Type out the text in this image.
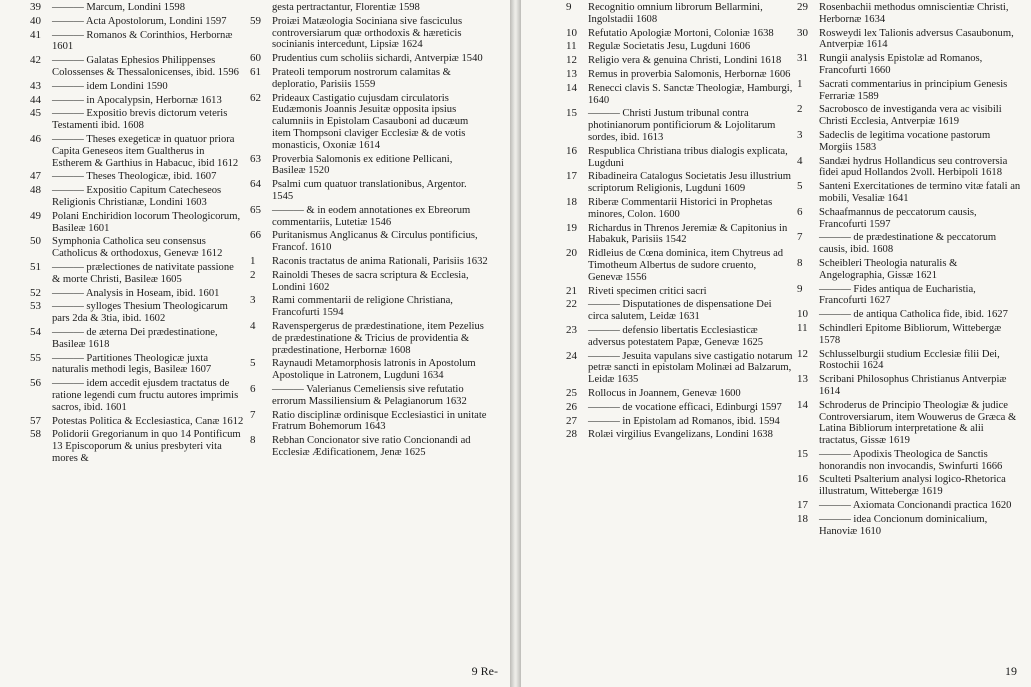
39	——— Marcum, Londini 1598
40	——— Acta Apostolorum, Londini 1597
41	——— Romanos & Corinthios, Herbornæ 1601
42	——— Galatas Ephesios Philippenses Colossenses & Thessalonicenses, ibid. 1596
43	——— idem Londini 1590
44	——— in Apocalypsin, Herbornæ 1613
45	——— Expositio brevis dictorum veteris Testamenti ibid. 1608
46	——— Theses exegeticæ in quatuor priora Capita Geneseos item Gualtherus in Estherem & Garthius in Habacuc, ibid 1612
47	——— Theses Theologicæ, ibid. 1607
48	——— Expositio Capitum Catecheseos Religionis Christianæ, Londini 1603
49	Polani Enchiridion locorum Theologicorum, Basileæ 1601
50	Symphonia Catholica seu consensus Catholicus & orthodoxus, Genevæ 1612
51	——— prælectiones de nativitate passione & morte Christi, Basileæ 1605
52	——— Analysis in Hoseam, ibid. 1601
53	——— sylloges Thesium Theologicarum pars 2da & 3tia, ibid. 1602
54	——— de æterna Dei prædestinatione, Basileæ 1618
55	——— Partitiones Theologicæ juxta naturalis methodi legis, Basileæ 1607
56	——— idem accedit ejusdem tractatus de ratione legendi cum fructu autores imprimis sacros, ibid. 1601
57	Potestas Politica & Ecclesiastica, Canæ 1612
58	Polidorii Gregorianum in quo 14 Pontificum 13 Episcoporum & unius presbyteri vita mores &
gesta pertractantur, Florentiæ 1598
59	Proiæi Matæologia Sociniana sive fasciculus controversiarum quæ orthodoxis & hæreticis socinianis intercedunt, Lipsiæ 1624
60	Prudentius cum scholiis sichardi, Antverpiæ 1540
61	Prateoli temporum nostrorum calamitas & deploratio, Parisiis 1559
62	Prideaux Castigatio cujusdam circulatoris Eudæmonis Joannis Jesuitæ opposita ipsius calumniis in Epistolam Casauboni ad ducæum item Thompsoni claviger Ecclesiæ & de votis monasticis, Oxoniæ 1614
63	Proverbia Salomonis ex editione Pellicani, Basileæ 1520
64	Psalmi cum quatuor translationibus, Argentor. 1545
65	——— & in eodem annotationes ex Ebreorum commentariis, Lutetiæ 1546
66	Puritanismus Anglicanus & Circulus pontificius, Francof. 1610
1	Raconis tractatus de anima Rationali, Parisiis 1632
2	Rainoldi Theses de sacra scriptura & Ecclesia, Londini 1602
3	Rami commentarii de religione Christiana, Francofurti 1594
4	Ravenspergerus de prædestinatione, item Pezelius de prædestinatione & Tricius de providentia & prædestinatione, Herbornæ 1608
5	Raynaudi Metamorphosis latronis in Apostolum Apostolique in Latronem, Lugduni 1634
6	——— Valerianus Cemeliensis sive refutatio errorum Massiliensium & Pelagianorum 1632
7	Ratio disciplinæ ordinisque Ecclesiastici in unitate Fratrum Bohemorum 1643
8	Rebhan Concionator sive ratio Concionandi ad Ecclesiæ Ædificationem, Jenæ 1625
9 Re-
9	Recognitio omnium librorum Bellarmini, Ingolstadii 1608
10	Refutatio Apologiæ Mortoni, Coloniæ 1638
11	Regulæ Societatis Jesu, Lugduni 1606
12	Religio vera & genuina Christi, Londini 1618
13	Remus in proverbia Salomonis, Herbornæ 1606
14	Renecci clavis S. Sanctæ Theologiæ, Hamburgi, 1640
15	——— Christi Justum tribunal contra photinianorum pontificiorum & Lojolitarum sordes, ibid. 1613
16	Respublica Christiana tribus dialogis explicata, Lugduni
17	Ribadineira Catalogus Societatis Jesu illustrium scriptorum Religionis, Lugduni 1609
18	Riberæ Commentarii Historici in Prophetas minores, Colon. 1600
19	Richardus in Threnos Jeremiæ & Capitonius in Habakuk, Parisiis 1542
20	Ridleius de Cœna dominica, item Chytreus ad Timotheum Albertus de sudore cruento, Genevæ 1556
21	Riveti specimen critici sacri
22	——— Disputationes de dispensatione Dei circa salutem, Leidæ 1631
23	——— defensio libertatis Ecclesiasticæ adversus potestatem Papæ, Genevæ 1625
24	——— Jesuita vapulans sive castigatio notarum petræ sancti in epistolam Molinæi ad Balzarum, Leidæ 1635
25	Rollocus in Joannem, Genevæ 1600
26	——— de vocatione efficaci, Edinburgi 1597
27	——— in Epistolam ad Romanos, ibid. 1594
28	Rolæi virgilius Evangelizans, Londini 1638
29	Rosenbachii methodus omniscientiæ Christi, Herbornæ 1634
30	Rosweydi lex Talionis adversus Casaubonum, Antverpiæ 1614
31	Rungii analysis Epistolæ ad Romanos, Francofurti 1660
1	Sacrati commentarius in principium Genesis Ferrariæ 1589
2	Sacrobosco de investiganda vera ac visibili Christi Ecclesia, Antverpiæ 1619
3	Sadeclis de legitima vocatione pastorum Morgiis 1583
4	Sandæi hydrus Hollandicus seu controversia fidei apud Hollandos 2voll. Herbipoli 1618
5	Santeni Exercitationes de termino vitæ fatali an mobili, Vesaliæ 1641
6	Schaafmannus de peccatorum causis, Francofurti 1597
7	——— de prædestinatione & peccatorum causis, ibid. 1608
8	Scheibleri Theologia naturalis & Angelographia, Gissæ 1621
9	——— Fides antiqua de Eucharistia, Francofurti 1627
10	——— de antiqua Catholica fide, ibid. 1627
11	Schindleri Epitome Bibliorum, Wittebergæ 1578
12	Schlusselburgii studium Ecclesiæ filii Dei, Rostochii 1624
13	Scribani Philosophus Christianus Antverpiæ 1614
14	Schroderus de Principio Theologiæ & judice Controversiarum, item Wouwerus de Græca & Latina Bibliorum interpretatione & alii tractatus, Gissæ 1619
15	——— Apodixis Theologica de Sanctis honorandis non invocandis, Swinfurti 1666
16	Sculteti Psalterium analysi logico-Rhetorica illustratum, Wittebergæ 1619
17	——— Axiomata Concionandi practica 1620
18	——— idea Concionum dominicalium, Hanoviæ 1610
19
